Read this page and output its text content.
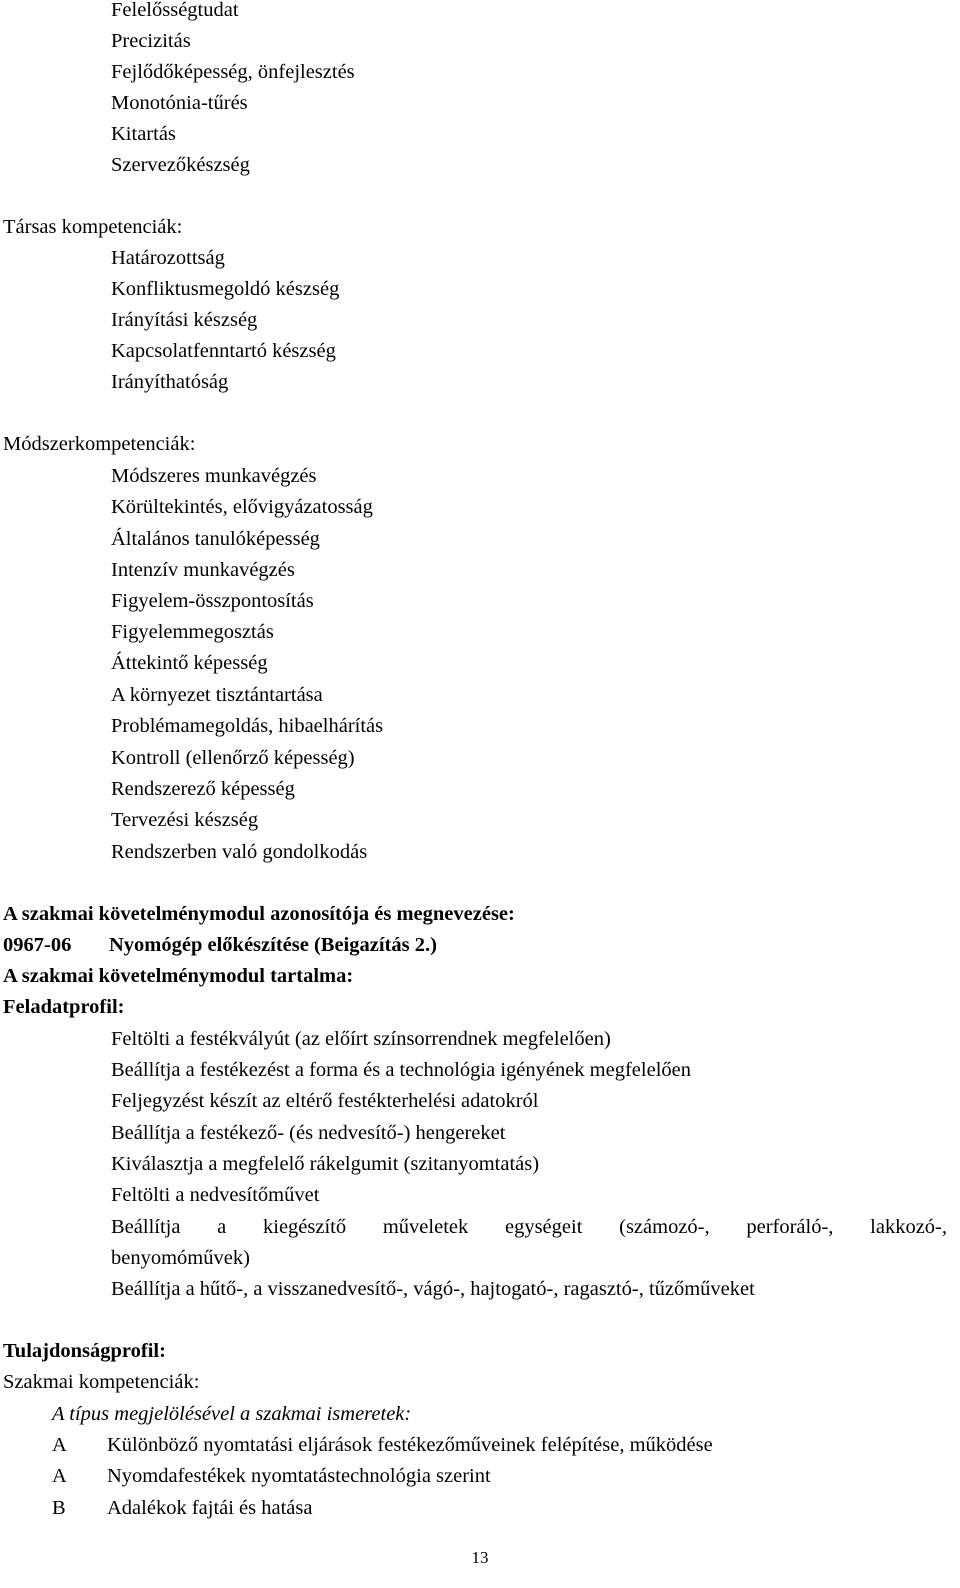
Felelősségtudat
Precizitás
Fejlődőképesség, önfejlesztés
Monotónia-tűrés
Kitartás
Szervezőkészség
Társas kompetenciák:
Határozottság
Konfliktusmegoldó készség
Irányítási készség
Kapcsolatfenntartó készség
Irányíthatóság
Módszerkompetenciák:
Módszeres munkavégzés
Körültekintés, elővigyázatosság
Általános tanulóképesség
Intenzív munkavégzés
Figyelem-összpontosítás
Figyelemmegosztás
Áttekintő képesség
A környezet tisztántartása
Problémamegoldás, hibaelhárítás
Kontroll (ellenőrző képesség)
Rendszerező képesség
Tervezési készség
Rendszerben való gondolkodás
A szakmai követelménymodul azonosítója és megnevezése:
0967-06 Nyomógép előkészítése (Beigazítás 2.)
A szakmai követelménymodul tartalma:
Feladatprofil:
Feltölti a festékvályút (az előírt színsorrendnek megfelelően)
Beállítja a festékezést a forma és a technológia igényének megfelelően
Feljegyzést készít az eltérő festékterhelési adatokról
Beállítja a festékező- (és nedvesítő-) hengereket
Kiválasztja a megfelelő rákelgumit (szitanyomtatás)
Feltölti a nedvesítőművet
Beállítja a kiegészítő műveletek egységeit (számozó-, perforáló-, lakkozó-,
benyomóművek)
Beállítja a hűtő-, a visszanedvesítő-, vágó-, hajtogató-, ragasztó-, tűzőműveket
Tulajdonságprofil:
Szakmai kompetenciák:
A típus megjelölésével a szakmai ismeretek:
A Különböző nyomtatási eljárások festékezőműveinek felépítése, működése
A Nyomdafestékek nyomtatástechnológia szerint
B Adalékok fajtái és hatása
13
